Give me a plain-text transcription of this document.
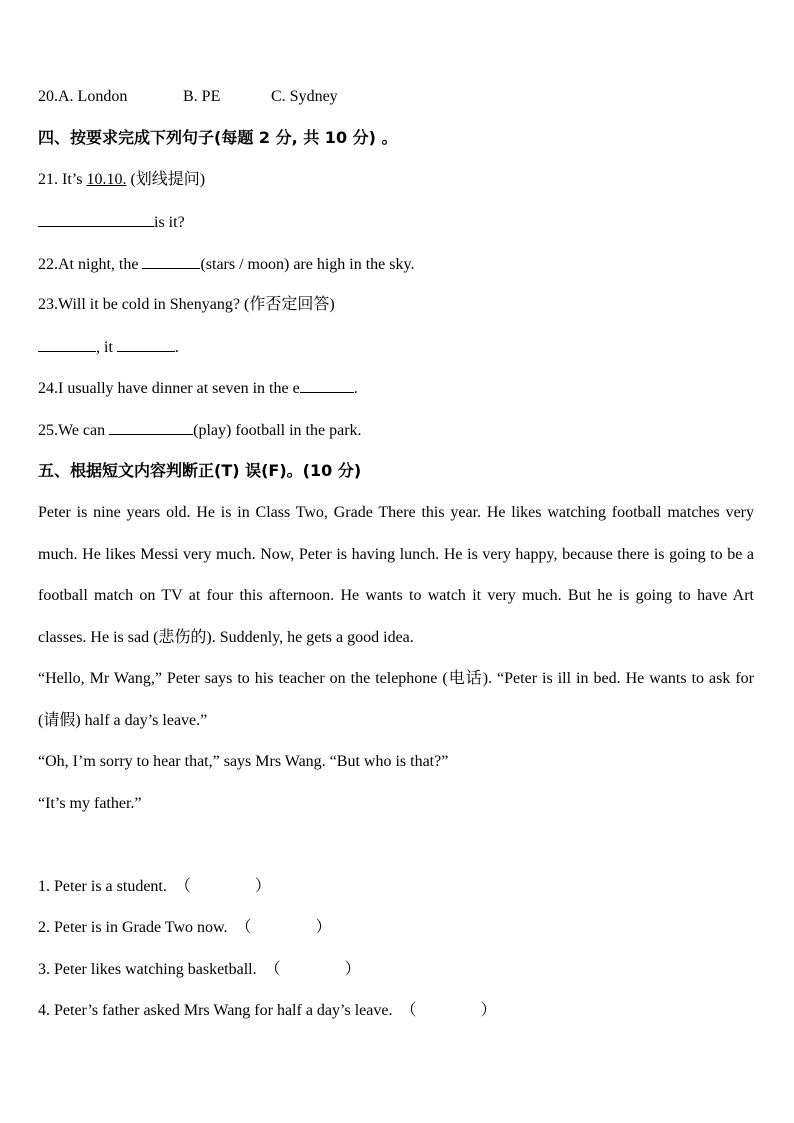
20.A. London	B. PE	C. Sydney
四、按要求完成下列句子(每题 2 分, 共 10 分) 。
21. It’s 10.10. (划线提问)
is it?
22.At night, the	(stars / moon) are high in the sky.
23.Will it be cold in Shenyang? (作否定回答)
, it	.
24.I usually have dinner at seven in the e	.
25.We can	(play) football in the park.
五、根据短文内容判断正(T) 误(F)。(10 分)
Peter is nine years old. He is in Class Two, Grade There this year. He likes watching football matches very much. He likes Messi very much. Now, Peter is having lunch. He is very happy, because there is going to be a football match on TV at four this afternoon. He wants to watch it very much. But he is going to have Art classes. He is sad (悲伤的). Suddenly, he gets a good idea.
“Hello, Mr Wang,” Peter says to his teacher on the telephone (电话). “Peter is ill in bed. He wants to ask for (请假) half a day’s leave.”
“Oh, I’m sorry to hear that,” says Mrs Wang. “But who is that?”
“It’s my father.”
1. Peter is a student. （　　　　）
2. Peter is in Grade Two now. （　　　　）
3. Peter likes watching basketball. （　　　　）
4. Peter’s father asked Mrs Wang for half a day’s leave. （　　　　）
